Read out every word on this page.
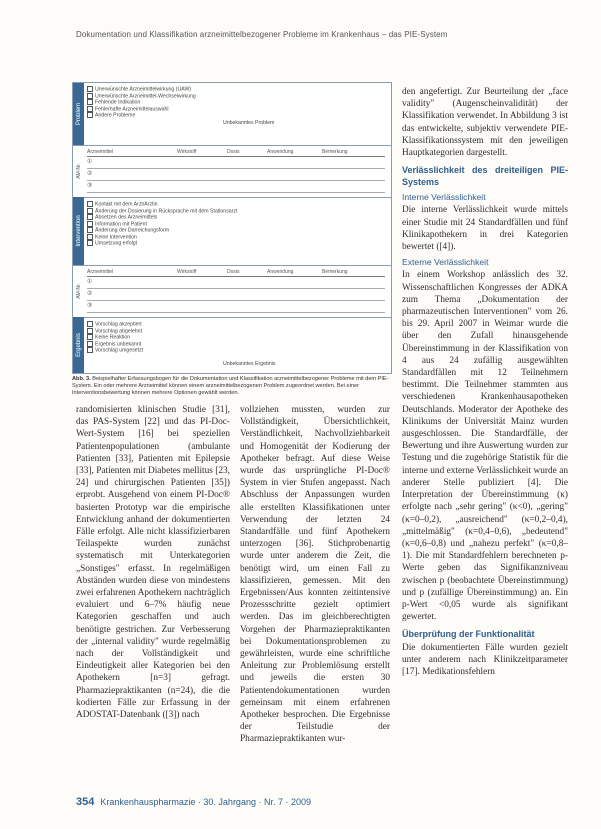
Dokumentation und Klassifikation arzneimittelbezogener Probleme im Krankenhaus – das PIE-System
Problem
Unerwünschte Arzneimittelwirkung (UAW)
Unerwünschte Arzneimittel-Wechselwirkung
Fehlende Indikation
Fehlerhafte Arzneimittelauswahl
Andere Probleme
Unbekanntes Problem
AM-Nr.
Arzneimittel	Wirkstoff	Dosis	Anwendung	Bemerkung
①
②
③
Intervention
Kontakt mit dem Arzt/Arztin
Änderung der Dosierung in Rücksprache mit dem Stationsarzt
Absetzen des Arzneimittels
Information mit Patient
Änderung der Darreichungsform
Keine Intervention
Umsetzung erfolgt
AM-Nr.
Arzneimittel	Wirkstoff	Dosis	Anwendung	Bemerkung
①
②
③
Ergebnis
Vorschlag akzeptiert
Vorschlag abgelehnt
Keine Reaktion
Ergebnis unbekannt
Vorschlag umgesetzt
Unbekanntes Ergebnis
Abb. 3. Beispielhafter Erfassungsbogen für die Dokumentation und Klassifikation arzneimittelbezogener Probleme mit dem PIE-System. Ein oder mehrere Arzneimittel können einem arzneimittelbezogenen Problem zugeordnet werden. Bei einer Interventionsbewertung können mehrere Optionen gewählt werden.

randomisierten klinischen Studie [31], das PAS-System [22] und das PI-Doc-Wert-System [16] bei speziellen Patientenpopulationen (ambulante Patienten [33], Patienten mit Epilepsie [33], Patienten mit Diabetes mellitus [23, 24] und chirurgischen Patienten [35]) erprobt. Ausgehend von einem PI-Doc® basierten Prototyp war die empirische Entwicklung anhand der dokumentierten Fälle erfolgt. Alle nicht klassifizierbaren Teilaspekte wurden zunächst systematisch mit Unterkategorien „Sonstiges" erfasst. In regelmäßigen Abständen wurden diese von mindestens zwei erfahrenen Apothekern nachträglich evaluiert und 6–7% häufig neue Kategorien geschaffen und auch benötigte gestrichen. Zur Verbesserung der „internal validity" wurde regelmäßig nach der Vollständigkeit und Eindeutigkeit aller Kategorien bei den Apothekern [n=3] gefragt. Pharmaziepraktikanten (n=24), die die kodierten Fälle zur Erfassung in der ADOSTAT-Datenbank ([3]) nach

vollziehen mussten, wurden zur Vollständigkeit, Übersichtlichkeit, Verständlichkeit, Nachvollziehbarkeit und Homogenität der Kodierung der Apotheker befragt. Auf diese Weise wurde das ursprüngliche PI-Doc® System in vier Stufen angepasst. Nach Abschluss der Anpassungen wurden alle erstellten Klassifikationen unter Verwendung der letzten 24 Standardfälle und fünf Apothekern unterzogen [36]. Stichprobenartig wurde unter anderem die Zeit, die benötigt wird, um einen Fall zu klassifizieren, gemessen. Mit den Ergebnissen/Aus konnten zeitintensive Prozessschritte gezielt optimiert werden. Das im gleichberechtigten Vorgehen der Pharmaziepraktikanten bei Dokumentationsproblemen zu gewährleisten, wurde eine schriftliche Anleitung zur Problemlösung erstellt und jeweils die ersten 30 Patientendokumentationen wurden gemeinsam mit einem erfahrenen Apotheker besprochen. Die Ergebnisse der Teilstudie der Pharmaziepraktikanten wur-

den angefertigt. Zur Beurteilung der „face validity" (Augenscheinvalidität) der Klassifikation verwendet. In Abbildung 3 ist das entwickelte, subjektiv verwendete PIE-Klassifikationssystem mit den jeweiligen Hauptkategorien dargestellt.

Verlässlichkeit des dreiteiligen PIE-Systems
Interne Verlässlichkeit

Die interne Verlässlichkeit wurde mittels einer Studie mit 24 Standardfällen und fünf Klinikapothekern in drei Kategorien bewertet ([4]).

Externe Verlässlichkeit

In einem Workshop anlässlich des 32. Wissenschaftlichen Kongresses der ADKA zum Thema „Dokumentation der pharmazeutischen Interventionen" vom 26. bis 29. April 2007 in Weimar wurde die über den Zufall hinausgehende Übereinstimmung in der Klassifikation von 4 aus 24 zufällig ausgewählten Standardfällen mit 12 Teilnehmern bestimmt. Die Teilnehmer stammten aus verschiedenen Krankenhausapotheken Deutschlands. Moderator der Apotheke des Klinikums der Universität Mainz wurden ausgeschlossen. Die Standardfälle, der Bewertung und ihre Auswertung wurden zur Testung und die zugehörige Statistik für die interne und externe Verlässlichkeit wurde an anderer Stelle publiziert [4]. Die Interpretation der Übereinstimmung (κ) erfolgte nach „sehr gering" (κ<0), „gering" (κ=0–0,2), „ausreichend" (κ=0,2–0,4), „mittelmäßig" (κ=0,4–0,6), „bedeutend" (κ=0,6–0,8) und „nahezu perfekt" (κ=0,8–1). Die mit Standardfehlern berechneten p-Werte geben das Signifikanzniveau zwischen p (beobachtete Übereinstimmung) und p (zufällige Übereinstimmung) an. Ein p-Wert <0,05 wurde als signifikant gewertet.

Überprüfung der Funktionalität

Die dokumentierten Fälle wurden gezielt unter anderem nach Klinikzeitparameter [17]. Medikationsfehlern

354 Krankenhauspharmazie · 30. Jahrgang · Nr. 7 · 2009
